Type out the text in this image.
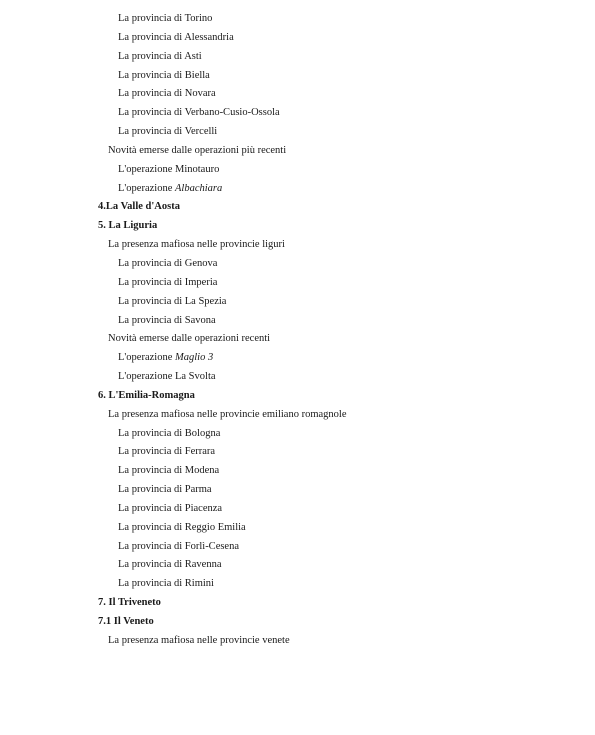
La provincia di Torino
La provincia di Alessandria
La provincia di Asti
La provincia di Biella
La provincia di Novara
La provincia di Verbano-Cusio-Ossola
La provincia di Vercelli
Novità emerse dalle operazioni più recenti
L'operazione Minotauro
L'operazione Albachiara
4.La Valle d'Aosta
5. La Liguria
La presenza mafiosa nelle provincie liguri
La provincia di Genova
La provincia di Imperia
La provincia di La Spezia
La provincia di Savona
Novità emerse dalle operazioni recenti
L'operazione Maglio 3
L'operazione La Svolta
6. L'Emilia-Romagna
La presenza mafiosa nelle provincie emiliano romagnole
La provincia di Bologna
La provincia di Ferrara
La provincia di Modena
La provincia di Parma
La provincia di Piacenza
La provincia di Reggio Emilia
La provincia di Forlì-Cesena
La provincia di Ravenna
La provincia di Rimini
7. Il Triveneto
7.1 Il Veneto
La presenza mafiosa nelle provincie venete
